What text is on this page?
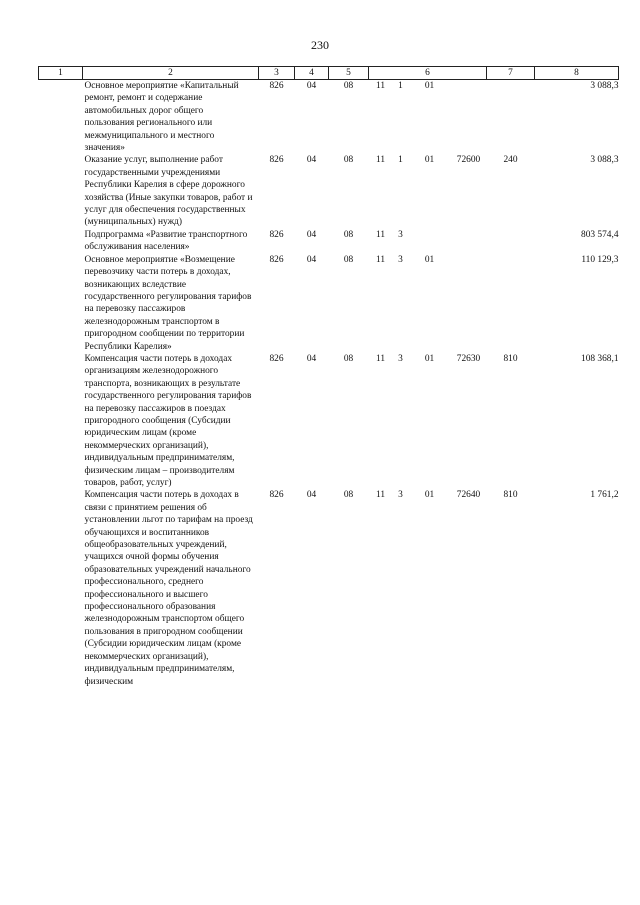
230
1	2	3	4	5	6				7	8
	Основное мероприятие «Капитальный ремонт, ремонт и содержание автомобильных дорог общего пользования регионального или межмуниципального и местного значения»	826	04	08	11	1	01			3 088,3
	Оказание услуг, выполнение работ государственными учреждениями Республики Карелия в сфере дорожного хозяйства (Иные закупки товаров, работ и услуг для обеспечения государственных (муниципальных) нужд)	826	04	08	11	1	01	72600	240	3 088,3
	Подпрограмма «Развитие транспортного обслуживания населения»	826	04	08	11	3				803 574,4
	Основное мероприятие «Возмещение перевозчику части потерь в доходах, возникающих вследствие государственного регулирования тарифов на перевозку пассажиров железнодорожным транспортом в пригородном сообщении по территории Республики Карелия»	826	04	08	11	3	01			110 129,3
	Компенсация части потерь в доходах организациям железнодорожного транспорта, возникающих в результате государственного регулирования тарифов на перевозку пассажиров в поездах пригородного сообщения (Субсидии юридическим лицам (кроме некоммерческих организаций), индивидуальным предпринимателям, физическим лицам – производителям товаров, работ, услуг)	826	04	08	11	3	01	72630	810	108 368,1
	Компенсация части потерь в доходах в связи с принятием решения об установлении льгот по тарифам на проезд обучающихся и воспитанников общеобразовательных учреждений, учащихся очной формы обучения образовательных учреждений начального профессионального, среднего профессионального и высшего профессионального образования железнодорожным транспортом общего пользования в пригородном сообщении (Субсидии юридическим лицам (кроме некоммерческих организаций), индивидуальным предпринимателям, физическим	826	04	08	11	3	01	72640	810	1 761,2
